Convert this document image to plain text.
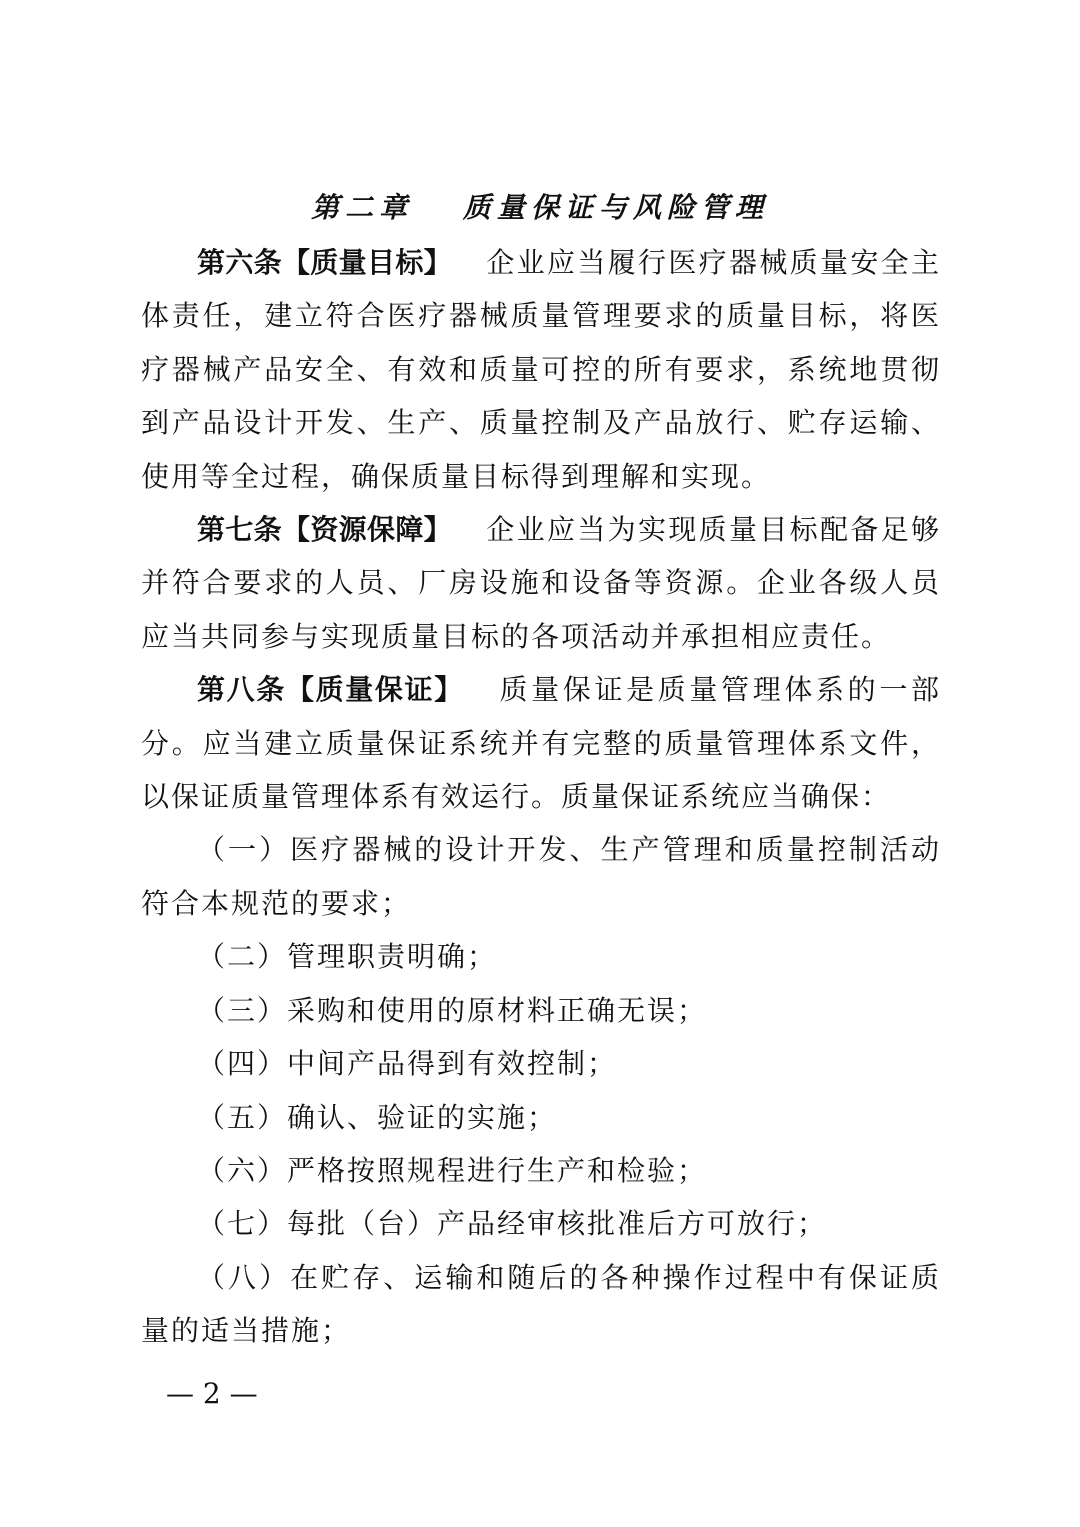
第二章　 质量保证与风险管理

第六条【质量目标】 企业应当履行医疗器械质量安全主体责任，建立符合医疗器械质量管理要求的质量目标，将医疗器械产品安全、有效和质量可控的所有要求，系统地贯彻到产品设计开发、生产、质量控制及产品放行、贮存运输、使用等全过程，确保质量目标得到理解和实现。

第七条【资源保障】 企业应当为实现质量目标配备足够并符合要求的人员、厂房设施和设备等资源。企业各级人员应当共同参与实现质量目标的各项活动并承担相应责任。

第八条【质量保证】 质量保证是质量管理体系的一部分。应当建立质量保证系统并有完整的质量管理体系文件，以保证质量管理体系有效运行。质量保证系统应当确保：

（一）医疗器械的设计开发、生产管理和质量控制活动符合本规范的要求；

（二）管理职责明确；

（三）采购和使用的原材料正确无误；

（四）中间产品得到有效控制；

（五）确认、验证的实施；

（六）严格按照规程进行生产和检验；

（七）每批（台）产品经审核批准后方可放行；

（八）在贮存、运输和随后的各种操作过程中有保证质量的适当措施；

— 2 —
